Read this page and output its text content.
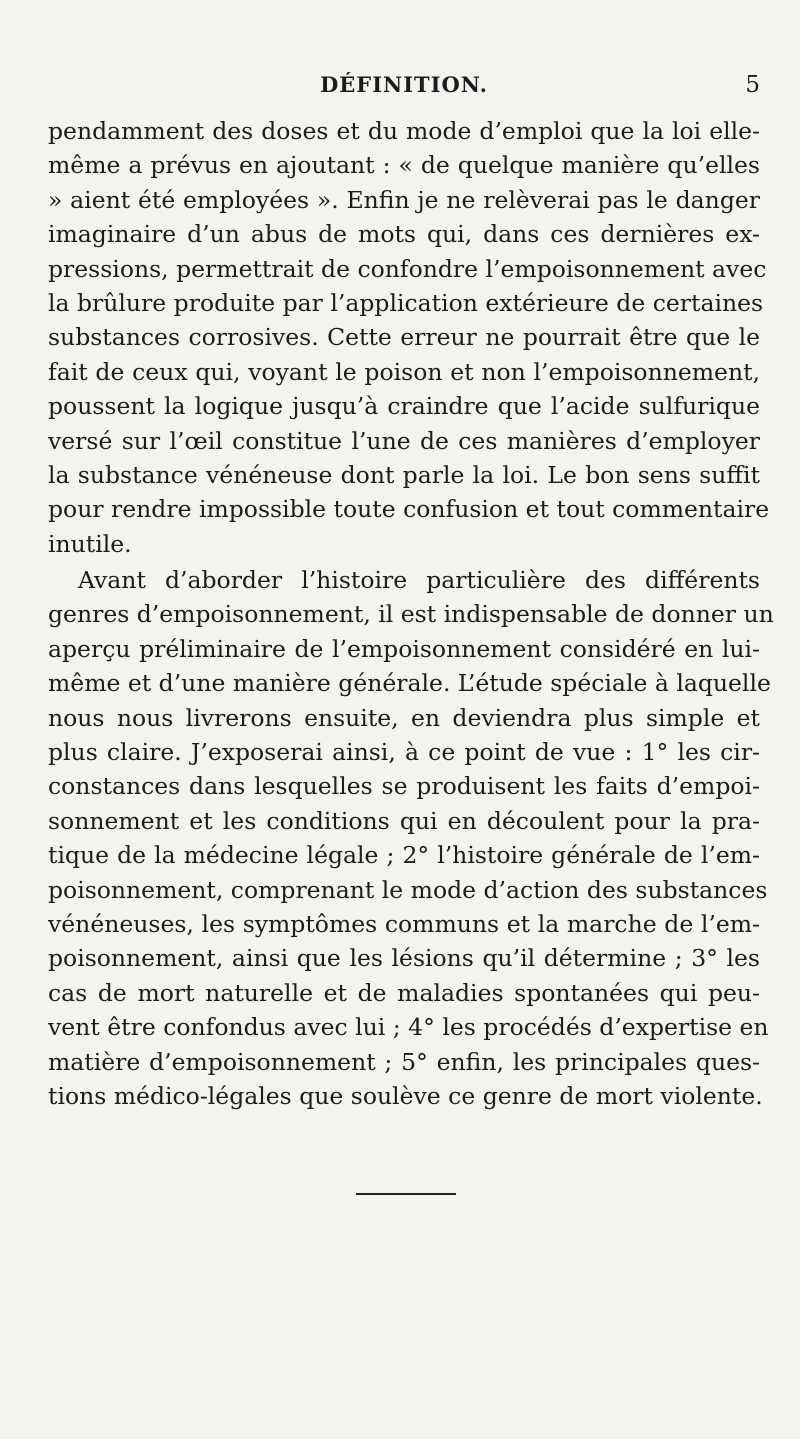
DÉFINITION.	5
pendamment des doses et du mode d’emploi que la loi elle-
même a prévus en ajoutant : « de quelque manière qu’elles
» aient été employées ». Enfin je ne relèverai pas le danger
imaginaire d’un abus de mots qui, dans ces dernières ex-
pressions, permettrait de confondre l’empoisonnement avec
la brûlure produite par l’application extérieure de certaines
substances corrosives. Cette erreur ne pourrait être que le
fait de ceux qui, voyant le poison et non l’empoisonnement,
poussent la logique jusqu’à craindre que l’acide sulfurique
versé sur l’œil constitue l’une de ces manières d’employer
la substance vénéneuse dont parle la loi. Le bon sens suffit
pour rendre impossible toute confusion et tout commentaire
inutile.
Avant d’aborder l’histoire particulière des différents
genres d’empoisonnement, il est indispensable de donner un
aperçu préliminaire de l’empoisonnement considéré en lui-
même et d’une manière générale. L’étude spéciale à laquelle
nous nous livrerons ensuite, en deviendra plus simple et
plus claire. J’exposerai ainsi, à ce point de vue : 1° les cir-
constances dans lesquelles se produisent les faits d’empoi-
sonnement et les conditions qui en découlent pour la pra-
tique de la médecine légale ; 2° l’histoire générale de l’em-
poisonnement, comprenant le mode d’action des substances
vénéneuses, les symptômes communs et la marche de l’em-
poisonnement, ainsi que les lésions qu’il détermine ; 3° les
cas de mort naturelle et de maladies spontanées qui peu-
vent être confondus avec lui ; 4° les procédés d’expertise en
matière d’empoisonnement ; 5° enfin, les principales ques-
tions médico-légales que soulève ce genre de mort violente.
